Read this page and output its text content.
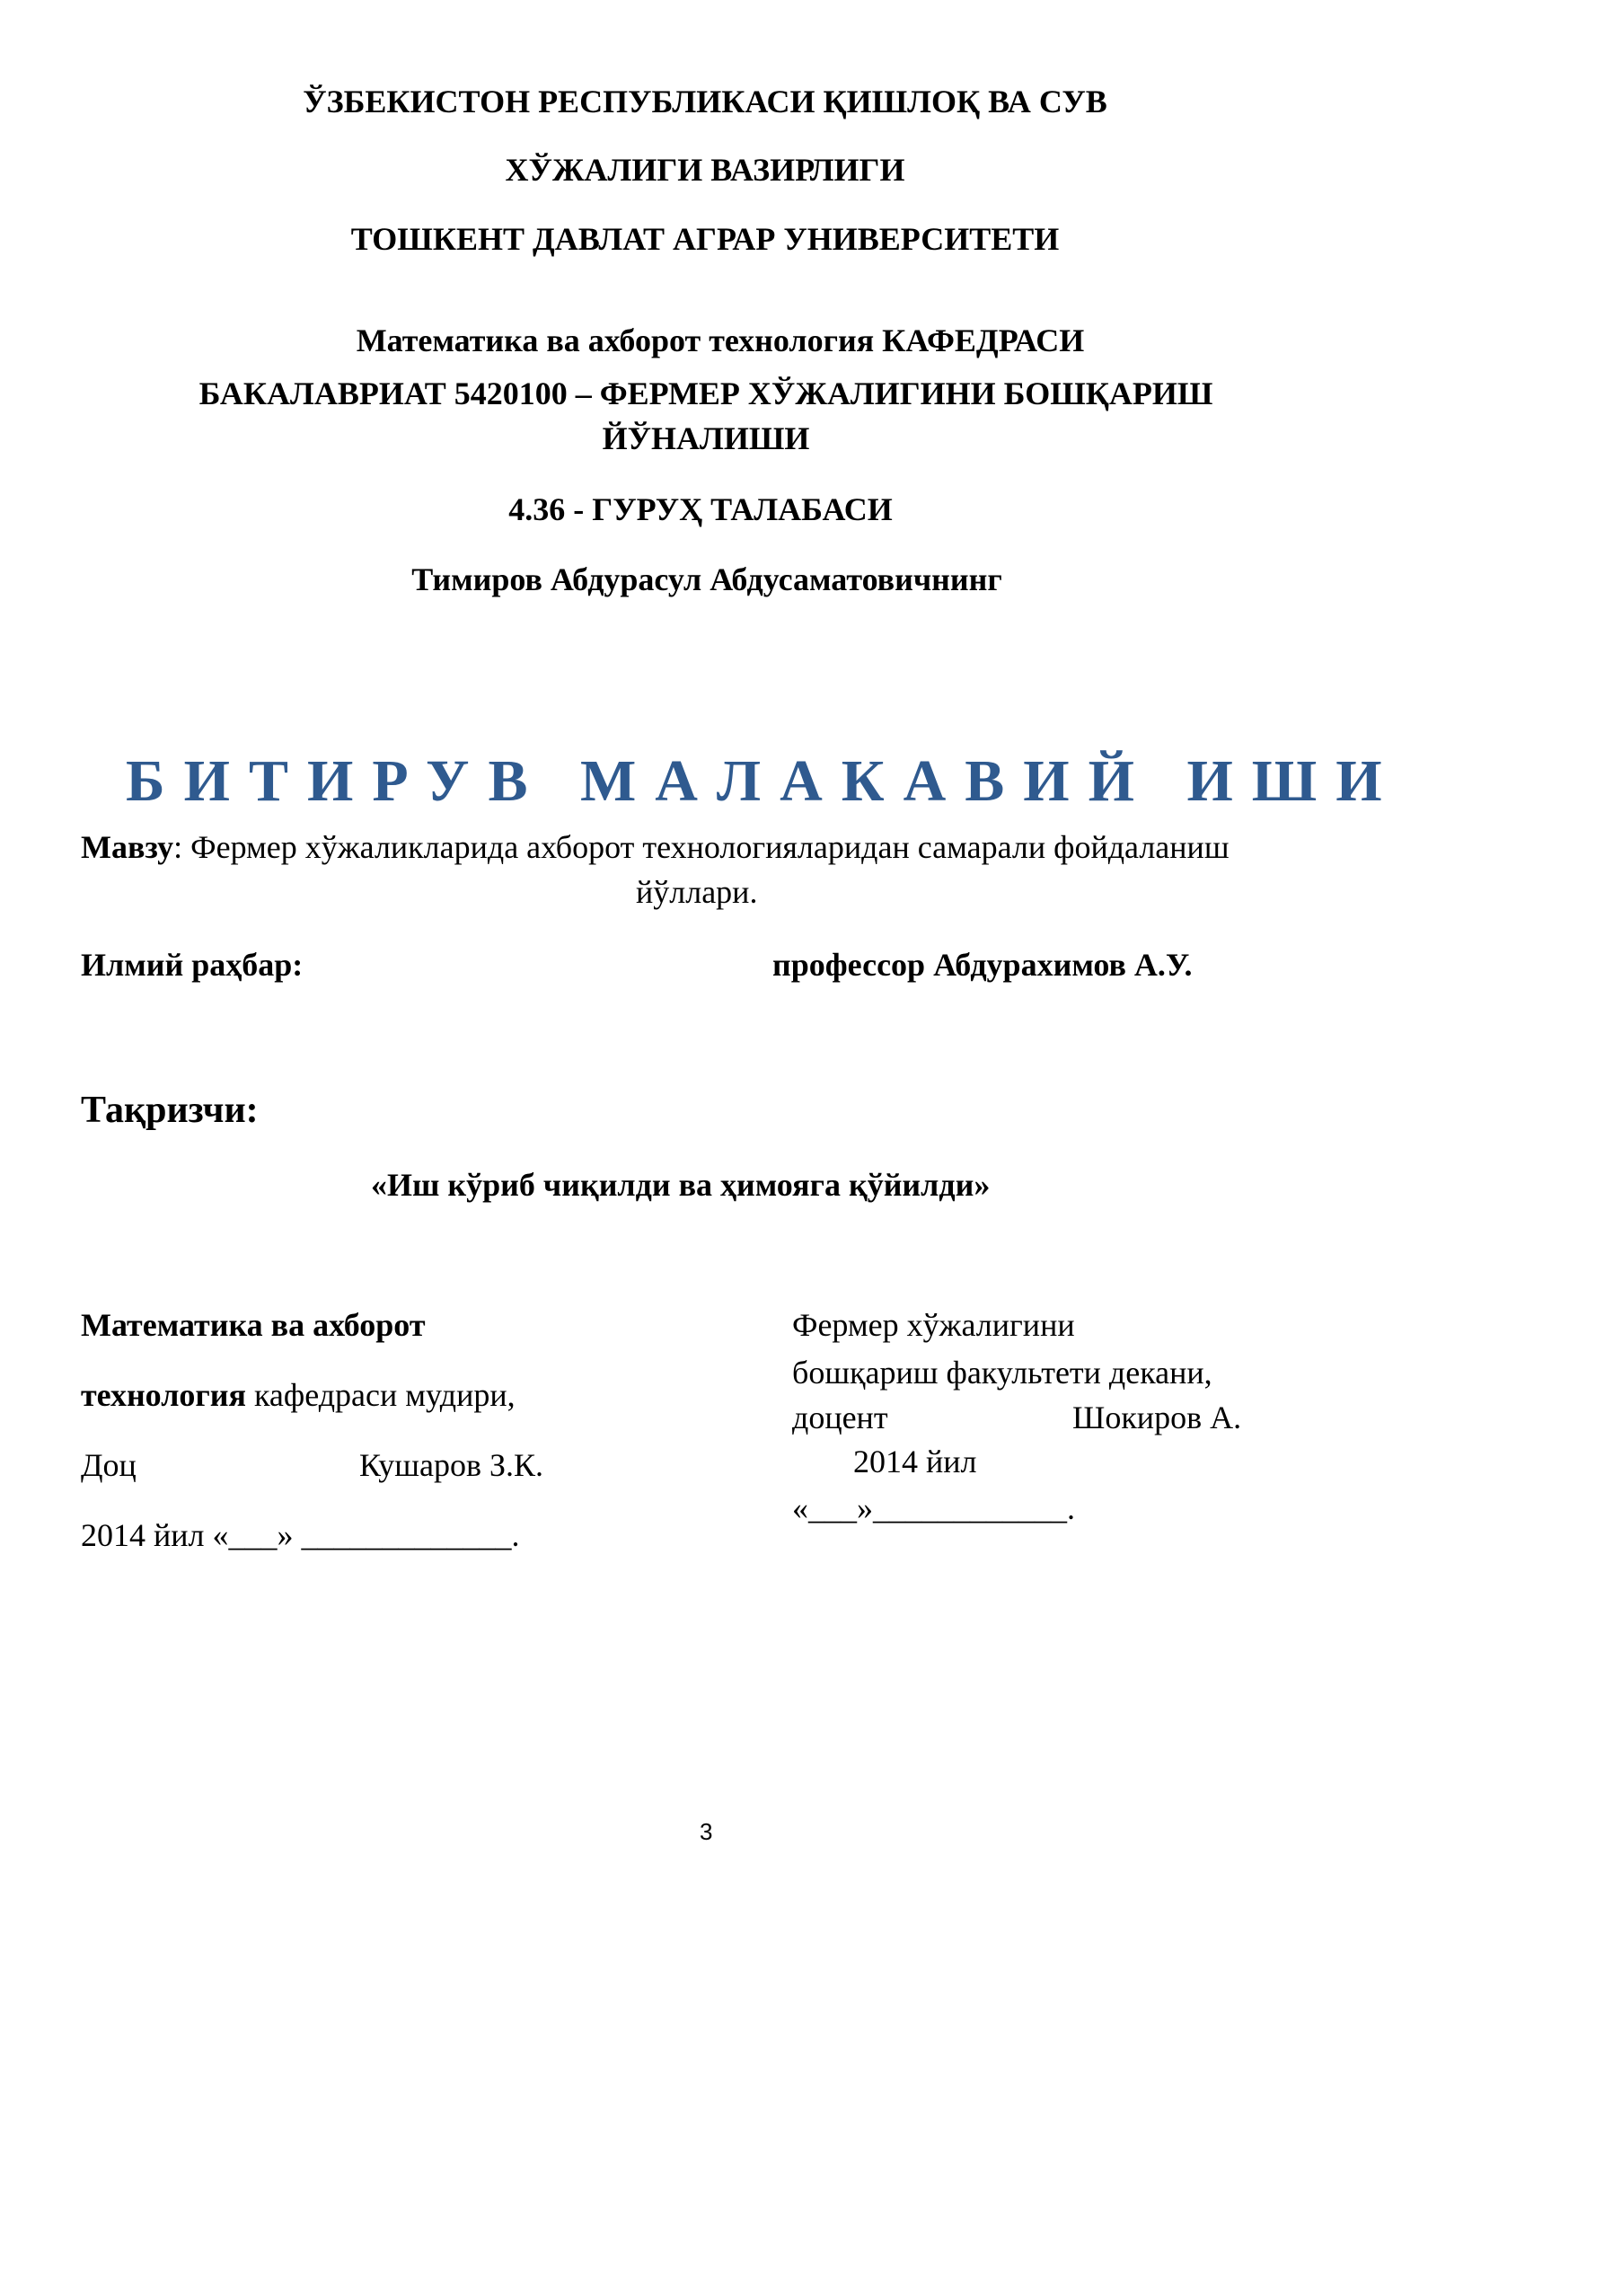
ЎЗБЕКИСТОН РЕСПУБЛИКАСИ ҚИШЛОҚ ВА СУВ
ХЎЖАЛИГИ ВАЗИРЛИГИ
ТОШКЕНТ ДАВЛАТ АГРАР УНИВЕРСИТЕТИ
Математика ва ахборот технология КАФЕДРАСИ
БАКАЛАВРИАТ 5420100 – ФЕРМЕР ХЎЖАЛИГИНИ БОШҚАРИШ
ЙЎНАЛИШИ
4.36 - ГУРУҲ ТАЛАБАСИ
Тимиров Абдурасул Абдусаматовичнинг
БИТИРУВ МАЛАКАВИЙ ИШИ
Мавзу: Фермер хўжаликларида ахборот технологияларидан самарали фойдаланиш
йўллари.
Илмий раҳбар:	профессор Абдурахимов А.У.
Тақризчи:
«Иш кўриб чиқилди ва ҳимояга қўйилди»
Математика ва ахборот
технология кафедраси мудири,
Доц	Кушаров З.К.
2014 йил «___» _____________.
Фермер хўжалигини
бошқариш факультети декани,
доцент	Шокиров А.
2014 йил
«___»____________.
3
